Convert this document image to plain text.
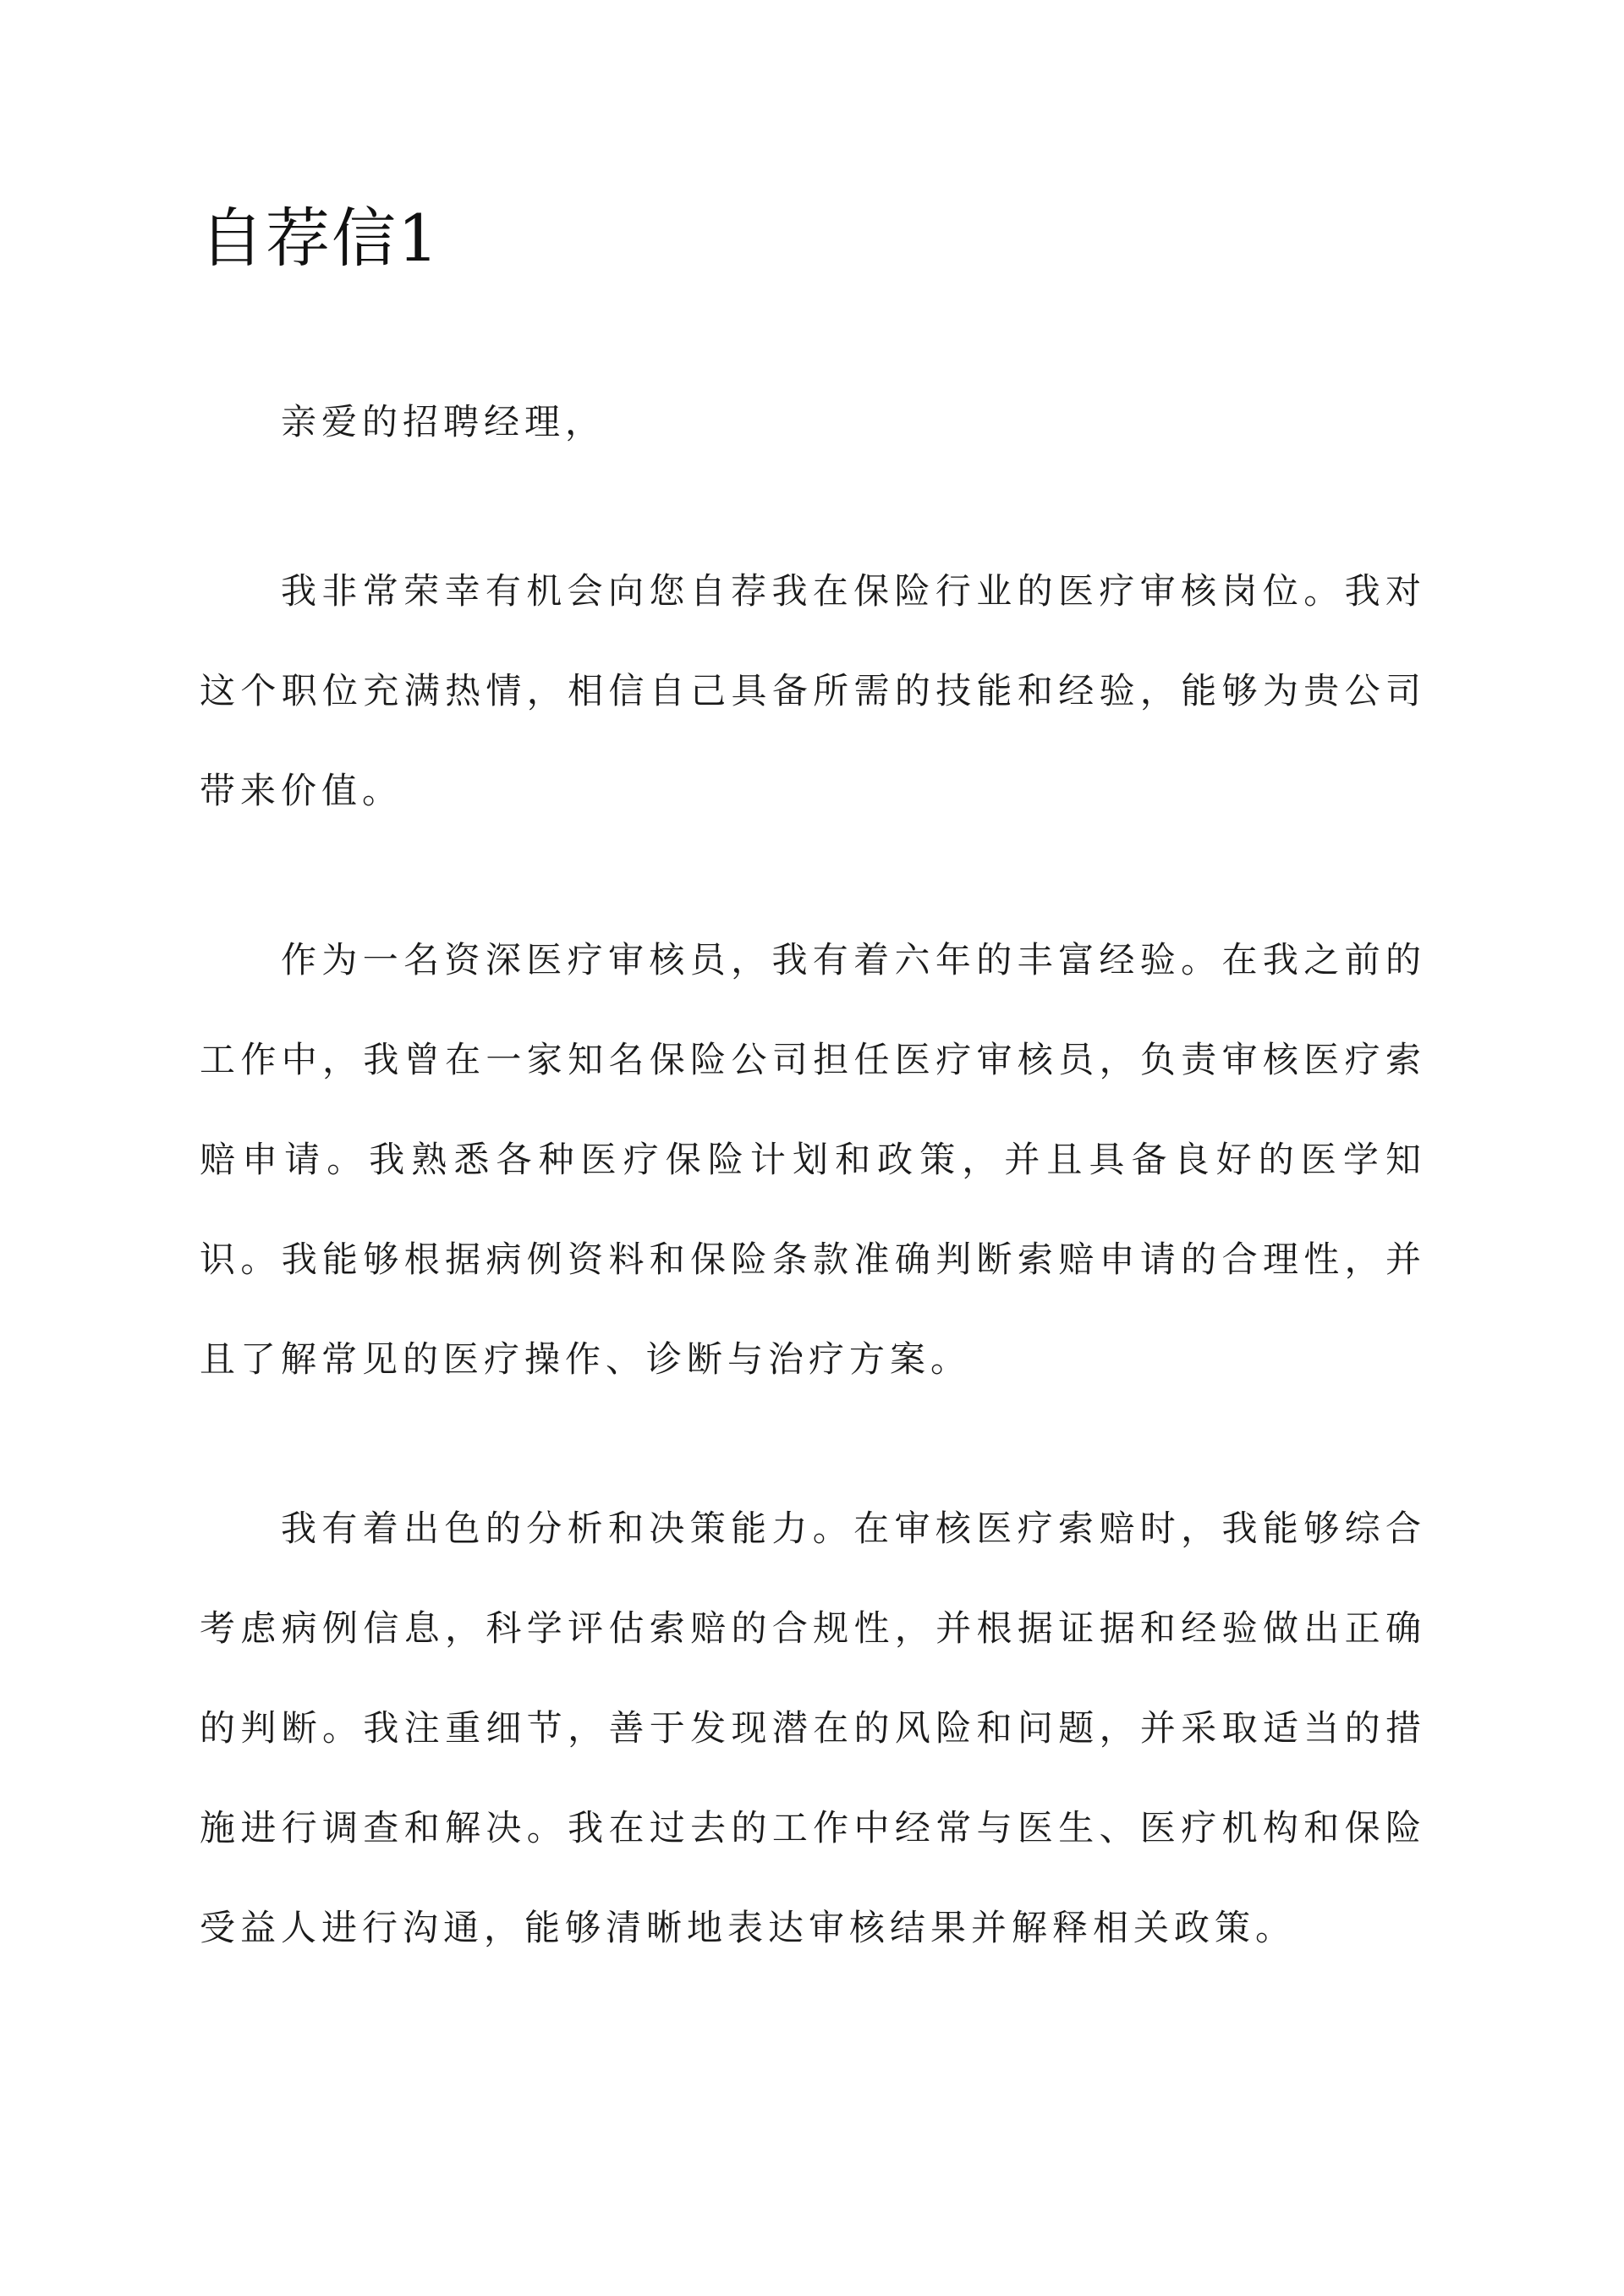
自荐信1

亲爱的招聘经理，

我非常荣幸有机会向您自荐我在保险行业的医疗审核岗位。我对这个职位充满热情，相信自己具备所需的技能和经验，能够为贵公司带来价值。

作为一名资深医疗审核员，我有着六年的丰富经验。在我之前的工作中，我曾在一家知名保险公司担任医疗审核员，负责审核医疗索赔申请。我熟悉各种医疗保险计划和政策，并且具备良好的医学知识。我能够根据病例资料和保险条款准确判断索赔申请的合理性，并且了解常见的医疗操作、诊断与治疗方案。

我有着出色的分析和决策能力。在审核医疗索赔时，我能够综合考虑病例信息，科学评估索赔的合规性，并根据证据和经验做出正确的判断。我注重细节，善于发现潜在的风险和问题，并采取适当的措施进行调查和解决。我在过去的工作中经常与医生、医疗机构和保险受益人进行沟通，能够清晰地表达审核结果并解释相关政策。
